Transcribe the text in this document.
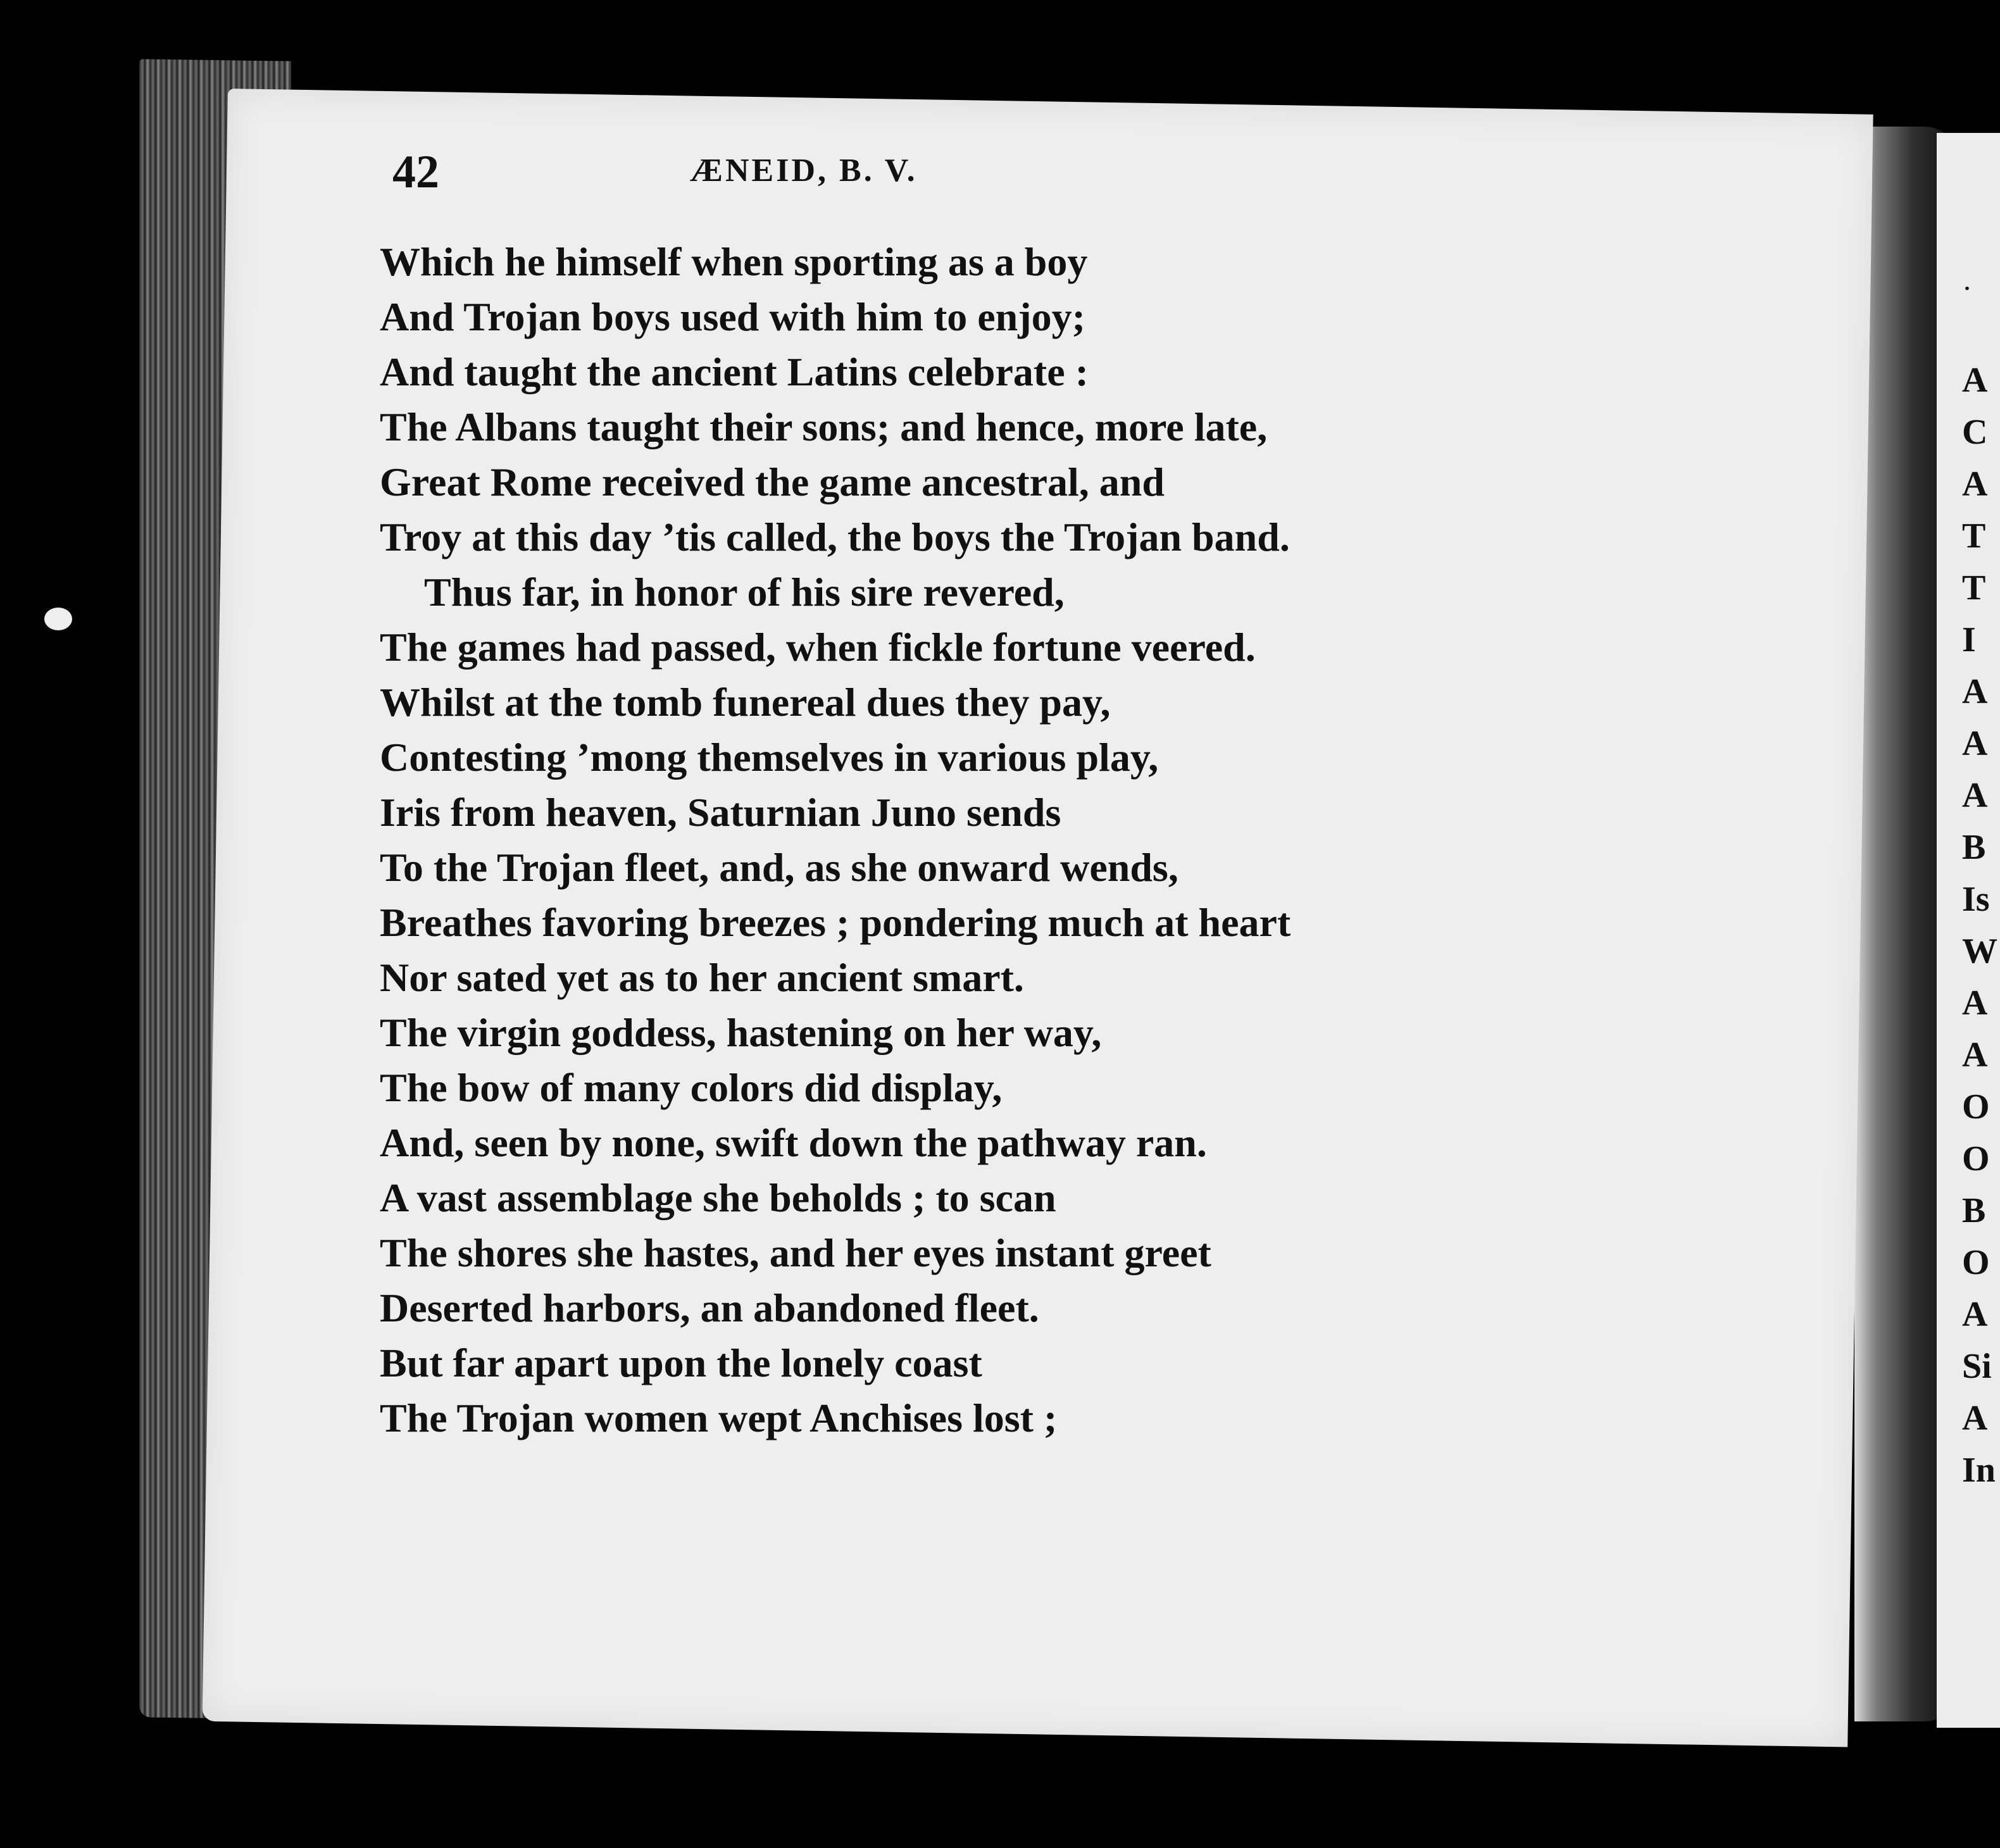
.
A
C
A
T
T
I
A
A
A
B
Is
W
A
A
O
O
B
O
A
Si
A
In
42	ÆNEID, B. V.
Which he himself when sporting as a boy
And Trojan boys used with him to enjoy;
And taught the ancient Latins celebrate :
The Albans taught their sons; and hence, more late,
Great Rome received the game ancestral, and
Troy at this day ’tis called, the boys the Trojan band.
Thus far, in honor of his sire revered,
The games had passed, when fickle fortune veered.
Whilst at the tomb funereal dues they pay,
Contesting ’mong themselves in various play,
Iris from heaven, Saturnian Juno sends
To the Trojan fleet, and, as she onward wends,
Breathes favoring breezes ; pondering much at heart
Nor sated yet as to her ancient smart.
The virgin goddess, hastening on her way,
The bow of many colors did display,
And, seen by none, swift down the pathway ran.
A vast assemblage she beholds ; to scan
The shores she hastes, and her eyes instant greet
Deserted harbors, an abandoned fleet.
But far apart upon the lonely coast
The Trojan women wept Anchises lost ;
